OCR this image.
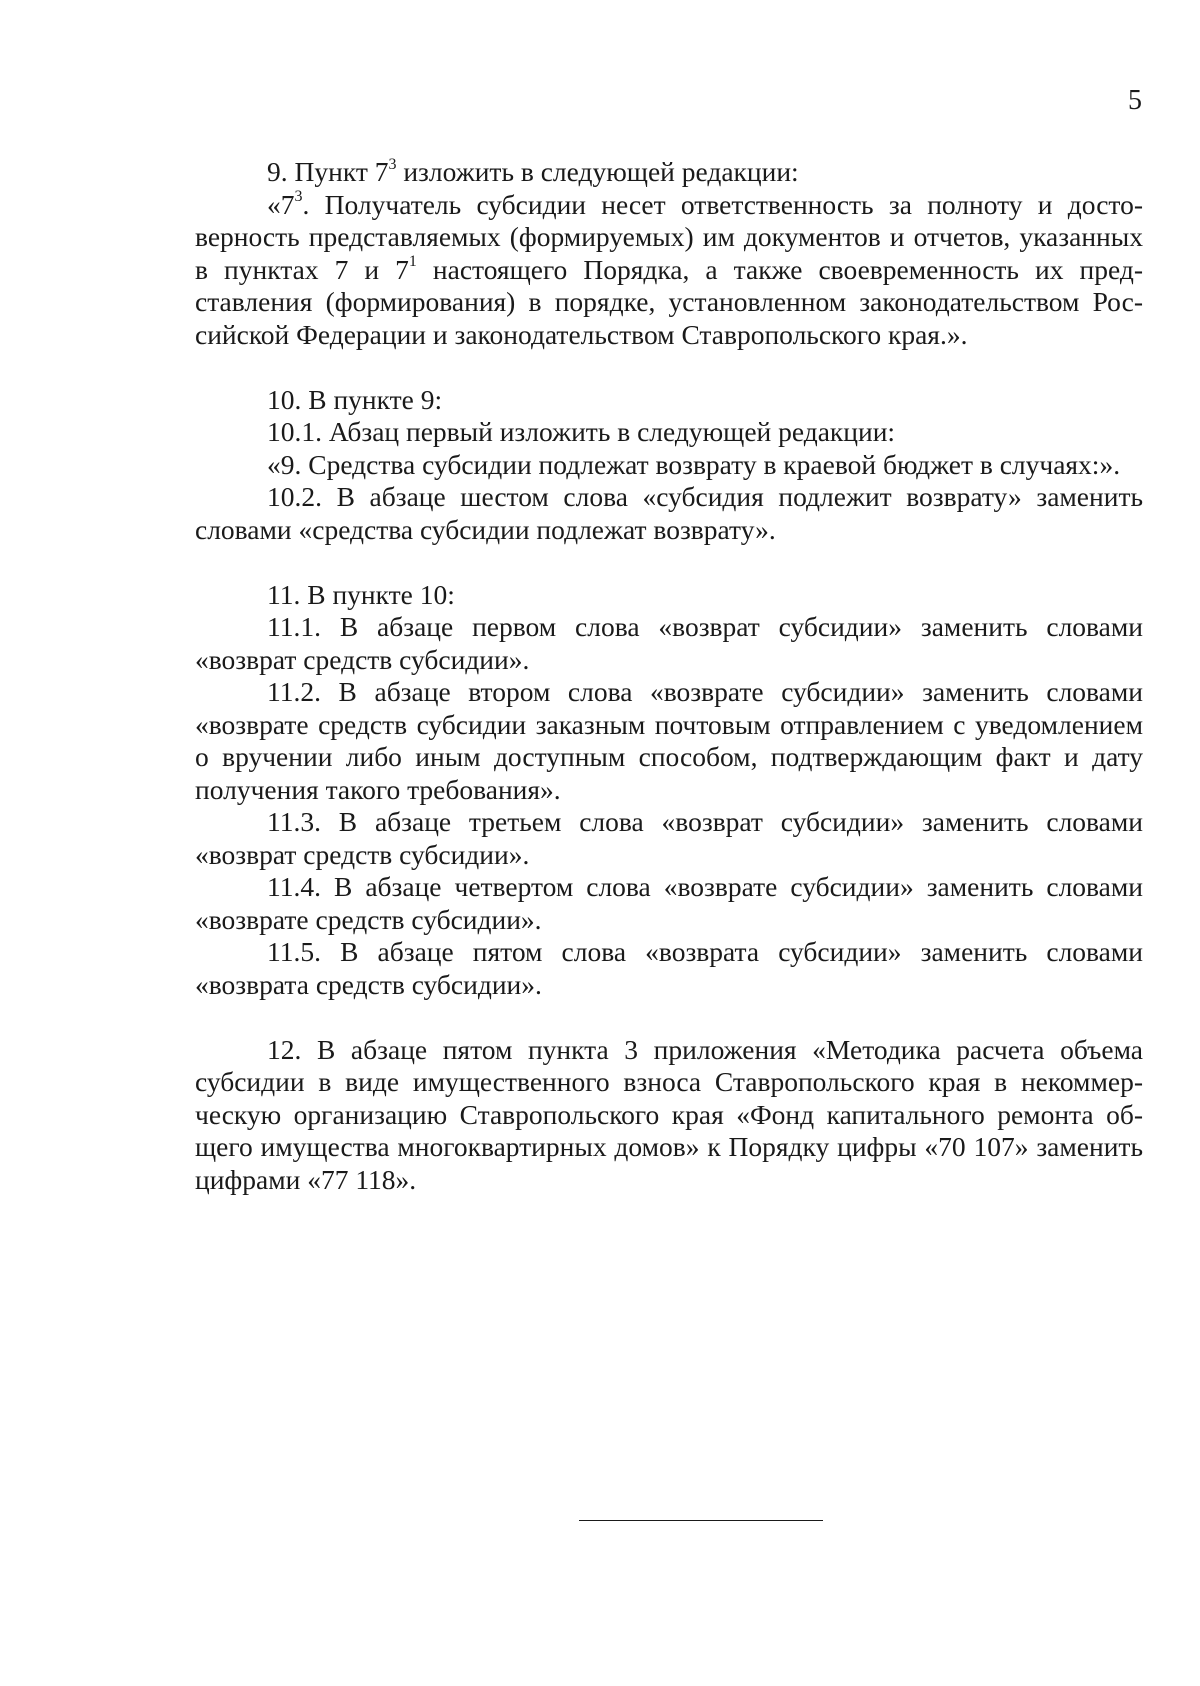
5

9. Пункт $7^3$ изложить в следующей редакции:

«$7^3$. Получатель субсидии несет ответственность за полноту и достоверность представляемых (формируемых) им документов и отчетов, указанных в пунктах 7 и $7^1$ настоящего Порядка, а также своевременность их представления (формирования) в порядке, установленном законодательством Российской Федерации и законодательством Ставропольского края.».

10. В пункте 9:

10.1. Абзац первый изложить в следующей редакции:

«9. Средства субсидии подлежат возврату в краевой бюджет в случаях:».

10.2. В абзаце шестом слова «субсидия подлежит возврату» заменить словами «средства субсидии подлежат возврату».

11. В пункте 10:

11.1. В абзаце первом слова «возврат субсидии» заменить словами «возврат средств субсидии».

11.2. В абзаце втором слова «возврате субсидии» заменить словами «возврате средств субсидии заказным почтовым отправлением с уведомлением о вручении либо иным доступным способом, подтверждающим факт и дату получения такого требования».

11.3. В абзаце третьем слова «возврат субсидии» заменить словами «возврат средств субсидии».

11.4. В абзаце четвертом слова «возврате субсидии» заменить словами «возврате средств субсидии».

11.5. В абзаце пятом слова «возврата субсидии» заменить словами «возврата средств субсидии».

12. В абзаце пятом пункта 3 приложения «Методика расчета объема субсидии в виде имущественного взноса Ставропольского края в некоммерческую организацию Ставропольского края «Фонд капитального ремонта общего имущества многоквартирных домов» к Порядку цифры «70 107» заменить цифрами «77 118».
